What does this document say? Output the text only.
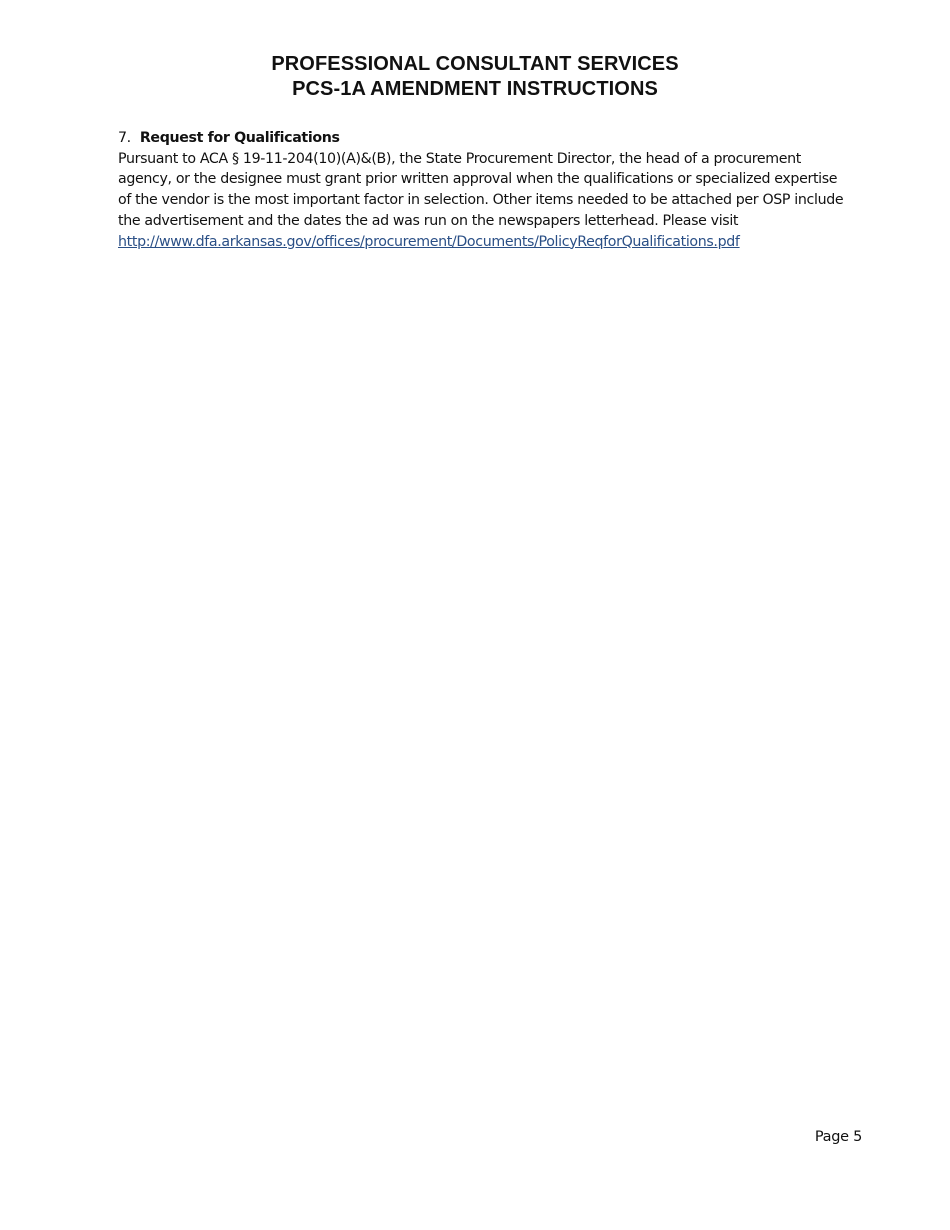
PROFESSIONAL CONSULTANT SERVICES
PCS-1A AMENDMENT INSTRUCTIONS
7. Request for Qualifications
Pursuant to ACA § 19-11-204(10)(A)&(B), the State Procurement Director, the head of a procurement
agency, or the designee must grant prior written approval when the qualifications or specialized expertise
of the vendor is the most important factor in selection. Other items needed to be attached per OSP include
the advertisement and the dates the ad was run on the newspapers letterhead. Please visit
http://www.dfa.arkansas.gov/offices/procurement/Documents/PolicyReqforQualifications.pdf
Page 5
